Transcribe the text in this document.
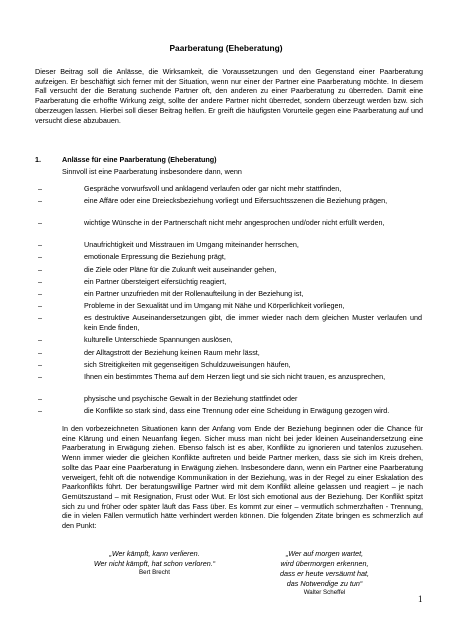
Paarberatung (Eheberatung)
Dieser Beitrag soll die Anlässe, die Wirksamkeit, die Voraussetzungen und den Gegenstand einer Paarberatung aufzeigen. Er beschäftigt sich ferner mit der Situation, wenn nur einer der Partner eine Paarberatung möchte. In diesem Fall versucht der die Beratung suchende Partner oft, den anderen zu einer Paarberatung zu überreden. Damit eine Paarberatung die erhoffte Wirkung zeigt, sollte der andere Partner nicht überredet, sondern überzeugt werden bzw. sich überzeugen lassen. Hierbei soll dieser Beitrag helfen. Er greift die häufigsten Vorurteile gegen eine Paarberatung auf und versucht diese abzubauen.
1.	Anlässe für eine Paarberatung (Eheberatung)
Sinnvoll ist eine Paarberatung insbesondere dann, wenn
–	Gespräche vorwurfsvoll und anklagend verlaufen oder gar nicht mehr stattfinden,
–	eine Affäre oder eine Dreiecksbeziehung vorliegt und Eifersuchtsszenen die Beziehung prägen,
–	wichtige Wünsche in der Partnerschaft nicht mehr angesprochen und/oder nicht erfüllt werden,
–	Unaufrichtigkeit und Misstrauen im Umgang miteinander herrschen,
–	emotionale Erpressung die Beziehung prägt,
–	die Ziele oder Pläne für die Zukunft weit auseinander gehen,
–	ein Partner übersteigert eifersüchtig reagiert,
–	ein Partner unzufrieden mit der Rollenaufteilung in der Beziehung ist,
–	Probleme in der Sexualität und im Umgang mit Nähe und Körperlichkeit vorliegen,
–	es destruktive Auseinandersetzungen gibt, die immer wieder nach dem gleichen Muster verlaufen und kein Ende finden,
–	kulturelle Unterschiede Spannungen auslösen,
–	der Alltagstrott der Beziehung keinen Raum mehr lässt,
–	sich Streitigkeiten mit gegenseitigen Schuldzuweisungen häufen,
–	Ihnen ein bestimmtes Thema auf dem Herzen liegt und sie sich nicht trauen, es anzusprechen,
–	physische und psychische Gewalt in der Beziehung stattfindet oder
–	die Konflikte so stark sind, dass eine Trennung oder eine Scheidung in Erwägung gezogen wird.
In den vorbezeichneten Situationen kann der Anfang vom Ende der Beziehung beginnen oder die Chance für eine Klärung und einen Neuanfang liegen. Sicher muss man nicht bei jeder kleinen Auseinandersetzung eine Paarberatung in Erwägung ziehen. Ebenso falsch ist es aber, Konflikte zu ignorieren und tatenlos zuzusehen. Wenn immer wieder die gleichen Konflikte auftreten und beide Partner merken, dass sie sich im Kreis drehen, sollte das Paar eine Paarberatung in Erwägung ziehen. Insbesondere dann, wenn ein Partner eine Paarberatung verweigert, fehlt oft die notwendige Kommunikation in der Beziehung, was in der Regel zu einer Eskalation des Paarkonflikts führt. Der beratungswillige Partner wird mit dem Konflikt alleine gelassen und reagiert – je nach Gemütszustand – mit Resignation, Frust oder Wut. Er löst sich emotional aus der Beziehung. Der Konflikt spitzt sich zu und früher oder später läuft das Fass über. Es kommt zur einer – vermutlich schmerzhaften - Trennung, die in vielen Fällen vermutlich hätte verhindert werden können. Die folgenden Zitate bringen es schmerzlich auf den Punkt:
„Wer kämpft, kann verlieren.
Wer nicht kämpft, hat schon verloren.“
Bert Brecht
„Wer auf morgen wartet,
wird übermorgen erkennen,
dass er heute versäumt hat,
das Notwendige zu tun“
Walter Scheffel
1
